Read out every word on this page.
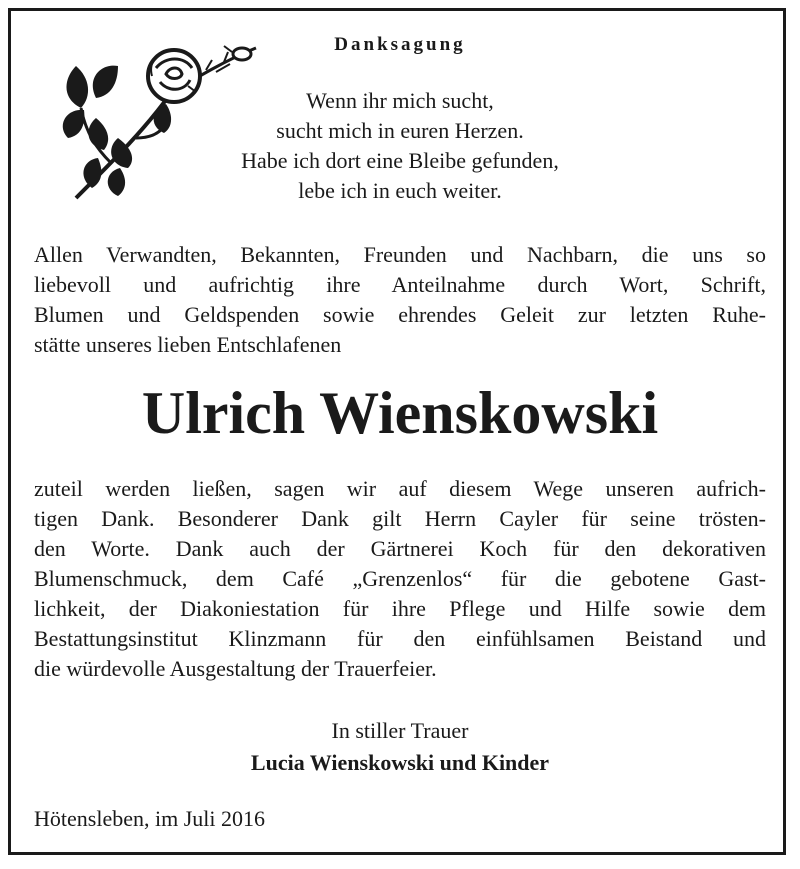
Danksagung
Wenn ihr mich sucht,
sucht mich in euren Herzen.
Habe ich dort eine Bleibe gefunden,
lebe ich in euch weiter.

Allen Verwandten, Bekannten, Freunden und Nachbarn, die uns so
liebevoll und aufrichtig ihre Anteilnahme durch Wort, Schrift,
Blumen und Geldspenden sowie ehrendes Geleit zur letzten Ruhe-
stätte unseres lieben Entschlafenen

Ulrich Wienskowski

zuteil werden ließen, sagen wir auf diesem Wege unseren aufrich-
tigen Dank. Besonderer Dank gilt Herrn Cayler für seine trösten-
den Worte. Dank auch der Gärtnerei Koch für den dekorativen
Blumenschmuck, dem Café „Grenzenlos“ für die gebotene Gast-
lichkeit, der Diakoniestation für ihre Pflege und Hilfe sowie dem
Bestattungsinstitut Klinzmann für den einfühlsamen Beistand und
die würdevolle Ausgestaltung der Trauerfeier.

In stiller Trauer
Lucia Wienskowski und Kinder
Hötensleben, im Juli 2016
